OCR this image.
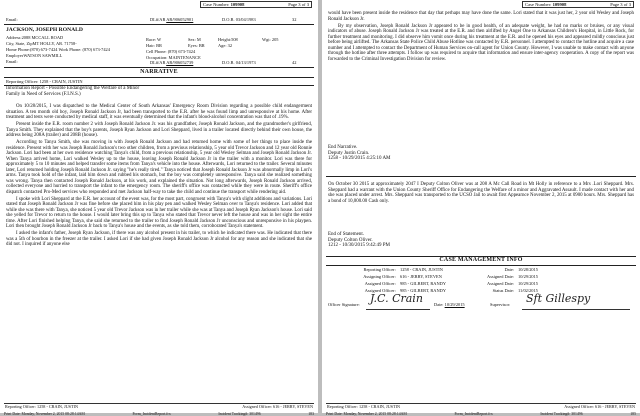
Case Number: 109908	Page 3 of 3
Email:	DL#/AR AR/906052901	D.O.B. 03/04/1983	32
JACKSON, JOSEPH RONALD
Address:2088 MCCALL ROAD
City, State, ZipMT HOLLY, AR. 71758-
Home Phone:(870) 673-7424 Work Phone: (870) 673-7424
EmployerWATSON SAWMILL
Email:
Race: W	Sex: M	Height:508	Wgt: 205
Hair: BR	Eyes: BR	Age: 32
Cell Phone: (870) 673-7424
Occupation: MAINTENANCE
DL#/AR AR/906052739	D.O.B. 04/13/1973	42
NARRATIVE
Reporting Officer: 1258 - CRAIN, JUSTIN
Information Report - Possible Endangering the Welfare of a Minor
Family in Need of Services (F.I.N.S.)

On 10/28/2015, I was dispatched to the Medical Center of South Arkansas' Emergency Room Division regarding a possible child endangerment situation. A ten month old boy, Joseph Ronald Jackson Jr, had been transported to the E.R. after he was found limp and unresponsive at his home. After treatment and tests were conducted by medical staff, it was eventually determined that the infant's blood-alcohol concentration was that of .19%.

Present inside the E.R. room number 2 with Joseph Ronald Jackson Jr. was his grandfather, Joseph Ronald Jackson, and the grandmother's girlfriend, Tanya Smith. They explained that the boy's parents, Joseph Ryan Jackson and Lori Sheppard, lived in a trailer located directly behind their own house, the address being 208A (trailer) and 208B (house).

According to Tanya Smith, she was moving in with Joseph Ronald Jackson and had returned home with some of her things to place inside the residence. Present with her was Joseph Ronald Jackson's two other children, from a previous relationship, 5 year old Trevor Jackson and 12 year old Ronnie Jackson. Lori had been at her own residence watching Tanya's child, from a previous relationship, 5 year old Wesley Selman and Joseph Ronald Jackson Jr. When Tanya arrived home, Lori walked Wesley up to the house, leaving Joseph Ronald Jackson Jr in the trailer with a monitor. Lori was there for approximately 5 to 10 minutes and helped transfer some items from Tanya's vehicle into the house. Afterwards, Lori returned to the trailer. Several minutes later, Lori returned holding Joseph Ronald Jackson Jr. saying "he's really tired." Tanya noticed that Joseph Ronald Jackson Jr was abnormally limp in Lori's arms. Tanya took hold of the infant, laid him down and rubbed his stomach, but the boy was completely unresponsive. Tanya said she realized something was wrong. Tanya then contacted Joseph Ronald Jackson, at his work, and explained the situation. Not long afterwards, Joseph Ronald Jackson arrived, collected everyone and hurried to transport the infant to the emergency room. The sheriff's office was contacted while they were in route. Sheriff's office dispatch contacted Pro-Med services who responded and met Jackson half-way to take the child and continue the transport while rendering aid.

I spoke with Lori Sheppard at the E.R. her account of the event was, for the most part, congruent with Tanya's with slight additions and variations. Lori stated that Joseph Ronald Jackson Jr was fine before she placed him in his play pen and walked Wesley Selman over to Tanya's residence. Lori added that while she was there with Tanya, she noticed 5 year old Trevor Jackson was in her trailer while she was at Tanya and Joseph Ryan Jackson's house. Lori said she yelled for Trevor to return to the house. I would later bring this up to Tanya who stated that Trevor never left the house and was in her sight the entire time. After Lori finished helping Tanya, she said she returned to the trailer to find Joseph Ronald Jackson Jr unconscious and unresponsive in his playpen. Lori then brought Joseph Ronald Jackson Jr back to Tanya's house and the events, as she told them, corroborated Tanya's statement.

I asked the infant's father, Joseph Ryan Jackson, if there was any alcohol present in his trailer, to which he indicated there was. He indicated that there was a 5th of bourbon in the freezer at the trailer. I asked Lori if she had given Joseph Ronald Jackson Jr alcohol for any reason and she indicated that she did not. I inquired if anyone else

Reporting Officer: 1258 - CRAIN, JUSTIN	Assigned Officer: 616 - JERRY, STEVEN
Print Date: Monday, November 2, 2015 08:28:14AM	Form_IncidentReport.frx	Incident Tracking#: 301496	183
Case Number: 109908	Page 3 of 3

would have been present inside the residence that day that perhaps may have done the same. Lori stated that it was just her, 2 year old Wesley and Joseph Ronald Jackson Jr.

By my observation, Joseph Ronald Jackson Jr appeared to be in good health, of an adequate weight, he had no marks or bruises, or any visual indicators of abuse. Joseph Ronald Jackson Jr was treated at the E.R. and then airlifted by Angel One to Arkansas Children's Hospital, in Little Rock, for further treatment and monitoring. I did observe him vomit once during his treatment at the E.R. and he opened his eyes and appeared mildly conscious just before being airlifted. The Arkansas State Police Child Abuse Hotline was contacted by E.R. personnel. I attempted to contact the hotline and acquire a case number and I attempted to contact the Department of Human Services on-call agent for Union County. However, I was unable to make contact with anyone through the hotline after three attempts. I follow up was required to acquire that information and ensure inter-agency cooperation. A copy of the report was forwarded to the Criminal Investigation Division for review.

End Narrative.
Deputy Justin Crain.
1258 - 10/29/2015 4:25:10 AM

On October 30 2015 at approximately 2047 I Deputy Colton Oliver was at 208 A Mc Call Road in Mt Holly in reference to a Mrs .Lori Sheppard. Mrs. Sheppard had a warrant with the Union County Sheriff Office for Endangering the Welfare of a minor and Aggravated Assault. I made contact with her and she was placed under arrest. Mrs. Sheppard was transported to the UCSO Jail to await first Appearnce November 2, 2015 at 0900 hours. Mrs. Sheppard has a bond of 10,000.00 Cash only.

End of Statement.
Deputy Colton Oliver.
1212 - 10/30/2015 9:42:49 PM
CASE MANAGEMENT INFO
Reporting Officer: 1258 - CRAIN, JUSTIN	Date: 10/28/2015
Assigning Officer: 616 - JERRY, STEVEN	Assigned Date: 10/29/2015
Assigned Officer: 985 - GILBERT, RANDY	Assigned Date: 10/29/2015
Assigned Officer: 985 - GILBERT, RANDY	Status Date: 11/02/2015
Officer Signature: J.C. Crain	Date: 10/29/2015	Supervisor: Sft Gillespy
Reporting Officer: 1258 - CRAIN, JUSTIN	Assigned Officer: 616 - JERRY, STEVEN
Print Date: Monday, November 2, 2015 08:28:14AM	Form_IncidentReport.frx	Incident Tracking#: 301496	185
